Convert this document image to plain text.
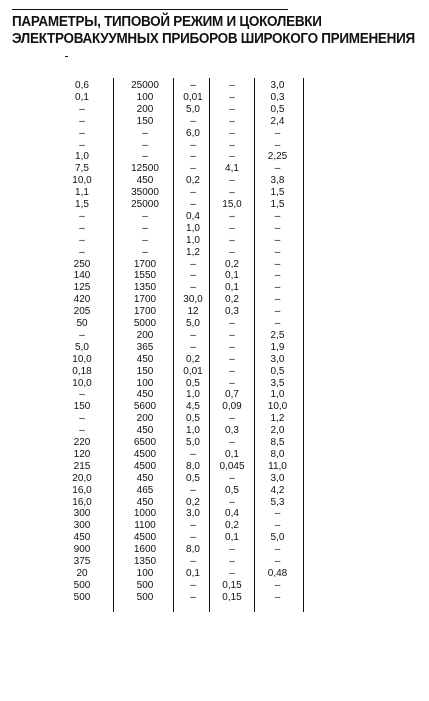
ПАРАМЕТРЫ, ТИПОВОЙ РЕЖИМ И ЦОКОЛЕВКИ
ЭЛЕКТРОВАКУУМНЫХ ПРИБОРОВ ШИРОКОГО ПРИМЕНЕНИЯ
0,6	25000	–	–	3,0
0,1	100	0,01	–	0,3
–	200	5,0	–	0,5
–	150	–	–	2,4
–	–	6,0	–	–
–	–	–	–	–
1,0	–	–	–	2,25
7,5	12500	–	4,1	–
10,0	450	0,2	–	3,8
1,1	35000	–	–	1,5
1,5	25000	–	15,0	1,5
–	–	0,4	–	–
–	–	1,0	–	–
–	–	1,0	–	–
–	–	1,2	–	–
250	1700	–	0,2	–
140	1550	–	0,1	–
125	1350	–	0,1	–
420	1700	30,0	0,2	–
205	1700	12	0,3	–
50	5000	5,0	–	–
–	200	–	–	2,5
5,0	365	–	–	1,9
10,0	450	0,2	–	3,0
0,18	150	0,01	–	0,5
10,0	100	0,5	–	3,5
–	450	1,0	0,7	1,0
150	5600	4,5	0,09	10,0
–	200	0,5	–	1,2
–	450	1,0	0,3	2,0
220	6500	5,0	–	8,5
120	4500	–	0,1	8,0
215	4500	8,0	0,045	11,0
20,0	450	0,5	–	3,0
16,0	465	–	0,5	4,2
16,0	450	0,2	–	5,3
300	1000	3,0	0,4	–
300	1100	–	0,2	–
450	4500	–	0,1	5,0
900	1600	8,0	–	–
375	1350	–	–	–
20	100	0,1	–	0,48
500	500	–	0,15	–
500	500	–	0,15	–
